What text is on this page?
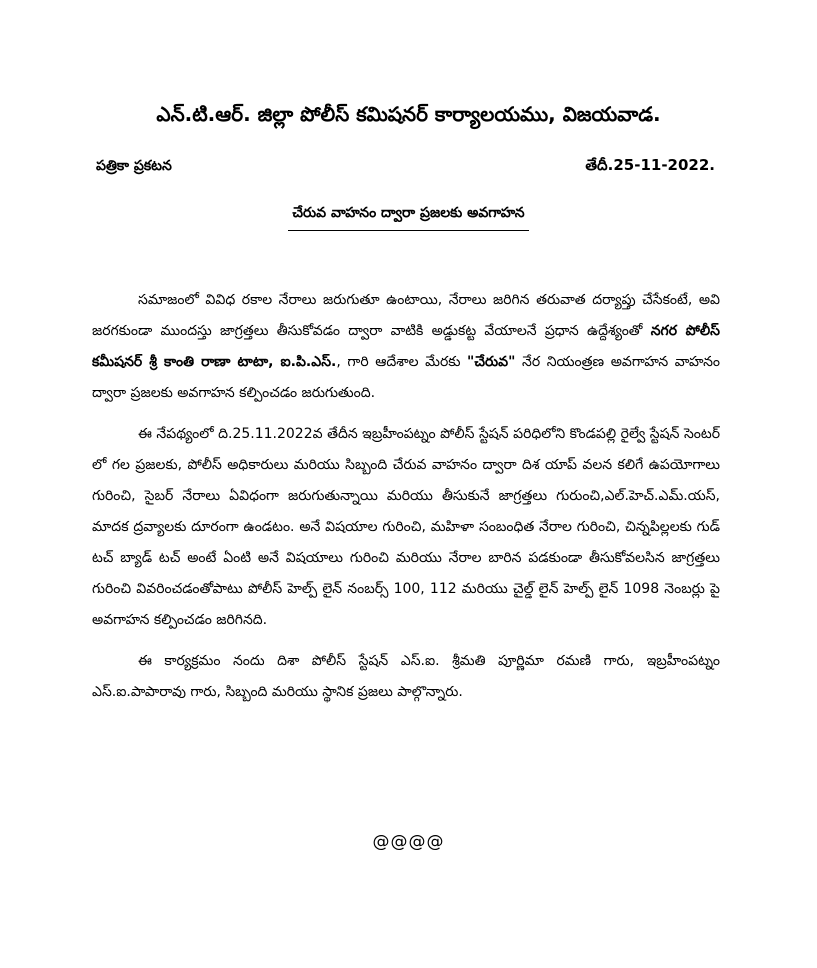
ఎన్.టి.ఆర్. జిల్లా పోలీస్ కమిషనర్ కార్యాలయము, విజయవాడ.
పత్రికా ప్రకటన	తేదీ.25-11-2022.
చేరువ వాహనం ద్వారా ప్రజలకు అవగాహన

సమాజంలో వివిధ రకాల నేరాలు జరుగుతూ ఉంటాయి, నేరాలు జరిగిన తరువాత దర్యాప్తు చేసేకంటే, అవి జరగకుండా ముందస్తు జాగ్రత్తలు తీసుకోవడం ద్వారా వాటికి అడ్డుకట్ట వేయాలనే ప్రధాన ఉద్దేశ్యంతో నగర పోలీస్ కమీషనర్ శ్రీ కాంతి రాణా టాటా, ఐ.పి.ఎస్., గారి ఆదేశాల మేరకు "చేరువ" నేర నియంత్రణ అవగాహన వాహనం ద్వారా ప్రజలకు అవగాహన కల్పించడం జరుగుతుంది.

ఈ నేపథ్యంలో ది.25.11.2022వ తేదీన ఇబ్రహీంపట్నం పోలీస్ స్టేషన్ పరిధిలోని కొండపల్లి రైల్వే స్టేషన్ సెంటర్ లో గల ప్రజలకు, పోలీస్ అధికారులు మరియు సిబ్బంది చేరువ వాహనం ద్వారా దిశ యాప్ వలన కలిగే ఉపయోగాలు గురించి, సైబర్ నేరాలు ఏవిధంగా జరుగుతున్నాయి మరియు తీసుకునే జాగ్రత్తలు గురుంచి,ఎల్.హెచ్.ఎమ్.యస్, మాదక ద్రవ్యాలకు దూరంగా ఉండటం. అనే విషయాల గురించి, మహిళా సంబంధిత నేరాల గురించి, చిన్నపిల్లలకు గుడ్ టచ్ బ్యాడ్ టచ్ అంటే ఏంటి అనే విషయాలు గురించి మరియు నేరాల బారిన పడకుండా తీసుకోవలసిన జాగ్రత్తలు గురించి వివరించడంతోపాటు పోలీస్ హెల్ప్ లైన్ నంబర్స్ 100, 112 మరియు చైల్డ్ లైన్ హెల్ప్ లైన్ 1098 నెంబర్లు పై అవగాహన కల్పించడం జరిగినది.

ఈ కార్యక్రమం నందు దిశా పోలీస్ స్టేషన్ ఎస్.ఐ. శ్రీమతి పూర్ణిమా రమణి గారు, ఇబ్రహీంపట్నం ఎస్.ఐ.పాపారావు గారు, సిబ్బంది మరియు స్థానిక ప్రజలు పాల్గొన్నారు.

@@@@
